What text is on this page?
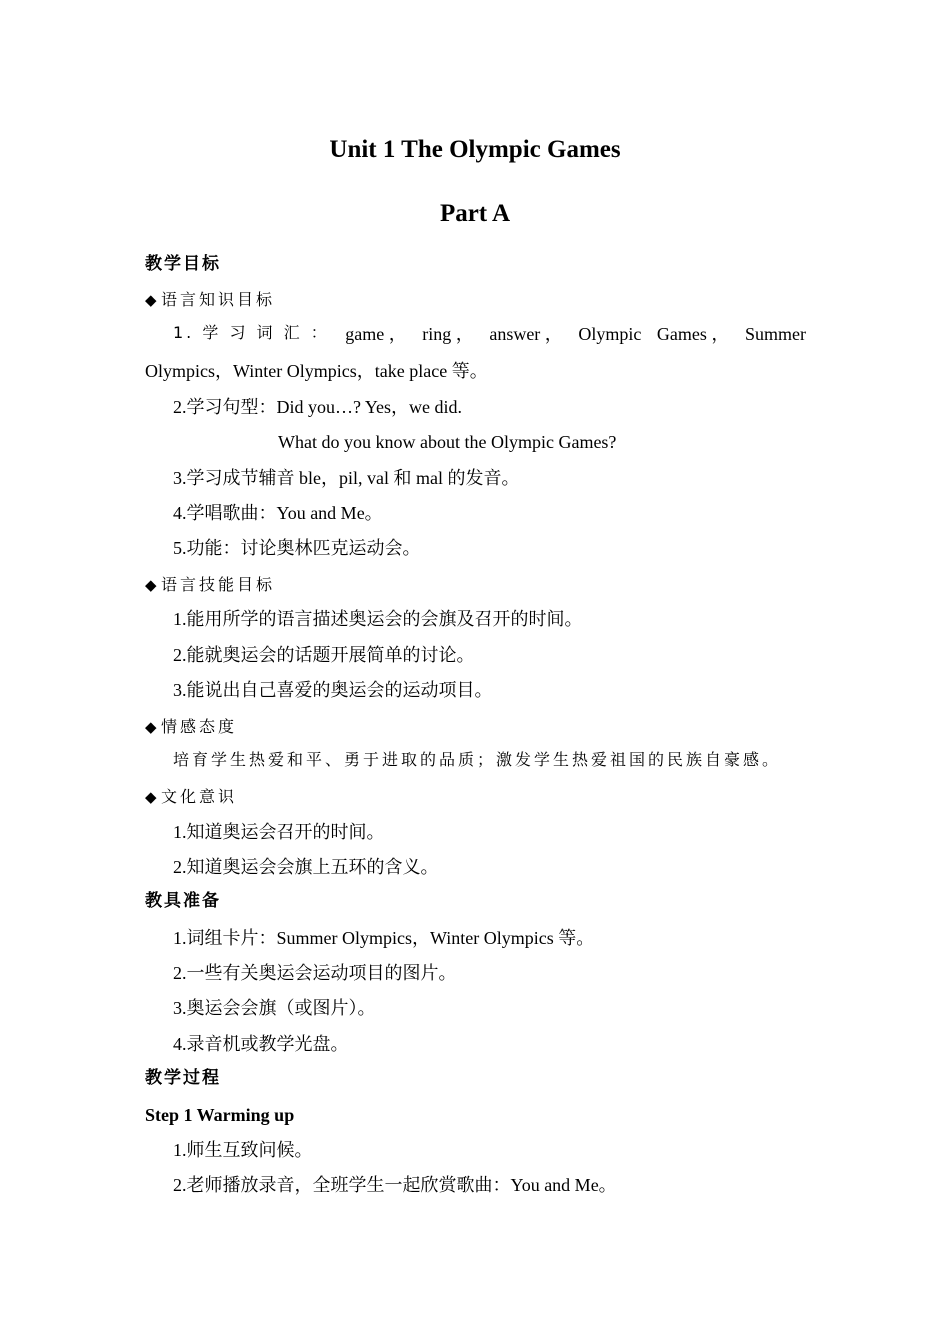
Unit 1 The Olympic Games
Part A
教学目标
◆ 语言知识目标
1. 学 习 词 汇 ： game ， ring ， answer ， Olympic Games ， Summer
Olympics，Winter Olympics，take place 等。
2.学习句型：Did you…? Yes，we did.
What do you know about the Olympic Games?
3.学习成节辅音 ble，pil, val 和 mal 的发音。
4.学唱歌曲：You and Me。
5.功能：讨论奥林匹克运动会。
◆ 语言技能目标
1.能用所学的语言描述奥运会的会旗及召开的时间。
2.能就奥运会的话题开展简单的讨论。
3.能说出自己喜爱的奥运会的运动项目。
◆ 情感态度
培育学生热爱和平、勇于进取的品质；激发学生热爱祖国的民族自豪感。
◆ 文化意识
1.知道奥运会召开的时间。
2.知道奥运会会旗上五环的含义。
教具准备
1.词组卡片：Summer Olympics，Winter Olympics 等。
2.一些有关奥运会运动项目的图片。
3.奥运会会旗（或图片）。
4.录音机或教学光盘。
教学过程
Step 1 Warming up
1.师生互致问候。
2.老师播放录音，全班学生一起欣赏歌曲：You and Me。
